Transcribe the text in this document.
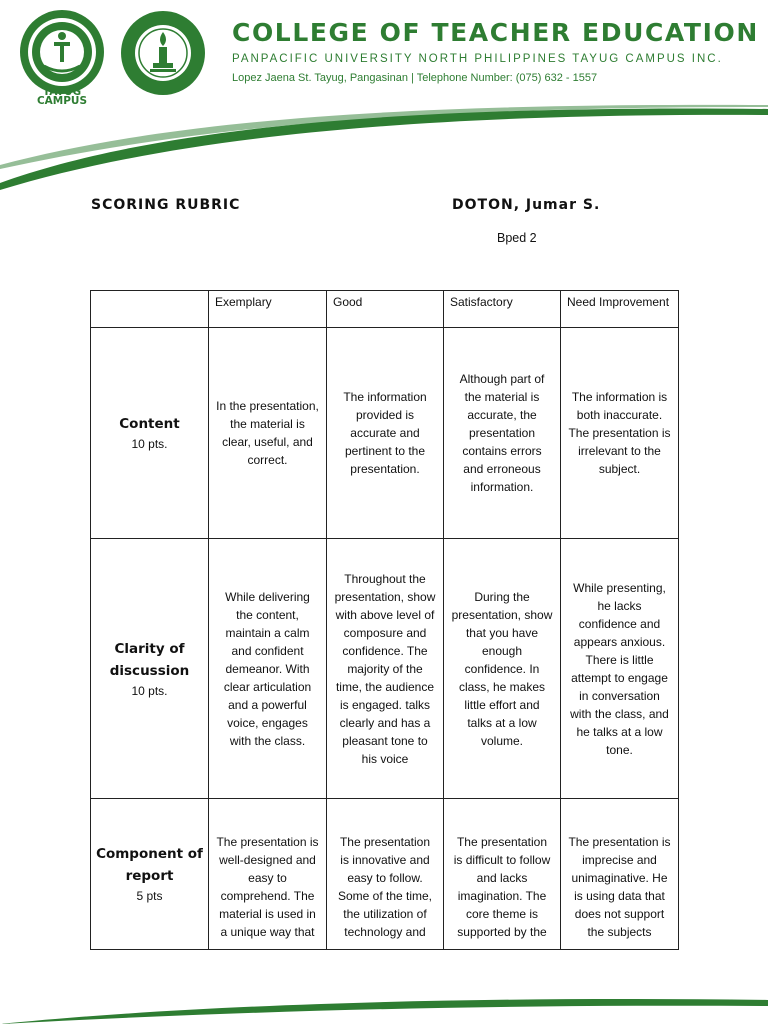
TAYUG CAMPUS
COLLEGE OF TEACHER EDUCATION
PANPACIFIC UNIVERSITY NORTH PHILIPPINES TAYUG CAMPUS INC.
Lopez Jaena St. Tayug, Pangasinan | Telephone Number: (075) 632 - 1557
SCORING RUBRIC	DOTON, Jumar S.
Bped 2
	Exemplary	Good	Satisfactory	Need Improvement

Content
10 pts.	In the presentation, the material is clear, useful, and correct.	The information provided is accurate and pertinent to the presentation.	Although part of the material is accurate, the presentation contains errors and erroneous information.	The information is both inaccurate. The presentation is irrelevant to the subject.

Clarity of discussion
10 pts.	While delivering the content, maintain a calm and confident demeanor. With clear articulation and a powerful voice, engages with the class.	Throughout the presentation, show with above level of composure and confidence. The majority of the time, the audience is engaged. talks clearly and has a pleasant tone to his voice	During the presentation, show that you have enough confidence. In class, he makes little effort and talks at a low volume.	While presenting, he lacks confidence and appears anxious. There is little attempt to engage in conversation with the class, and he talks at a low tone.

Component of report
5 pts	The presentation is well-designed and easy to comprehend. The material is used in a unique way that	The presentation is innovative and easy to follow. Some of the time, the utilization of technology and	The presentation is difficult to follow and lacks imagination. The core theme is supported by the	The presentation is imprecise and unimaginative. He is using data that does not support the subjects
